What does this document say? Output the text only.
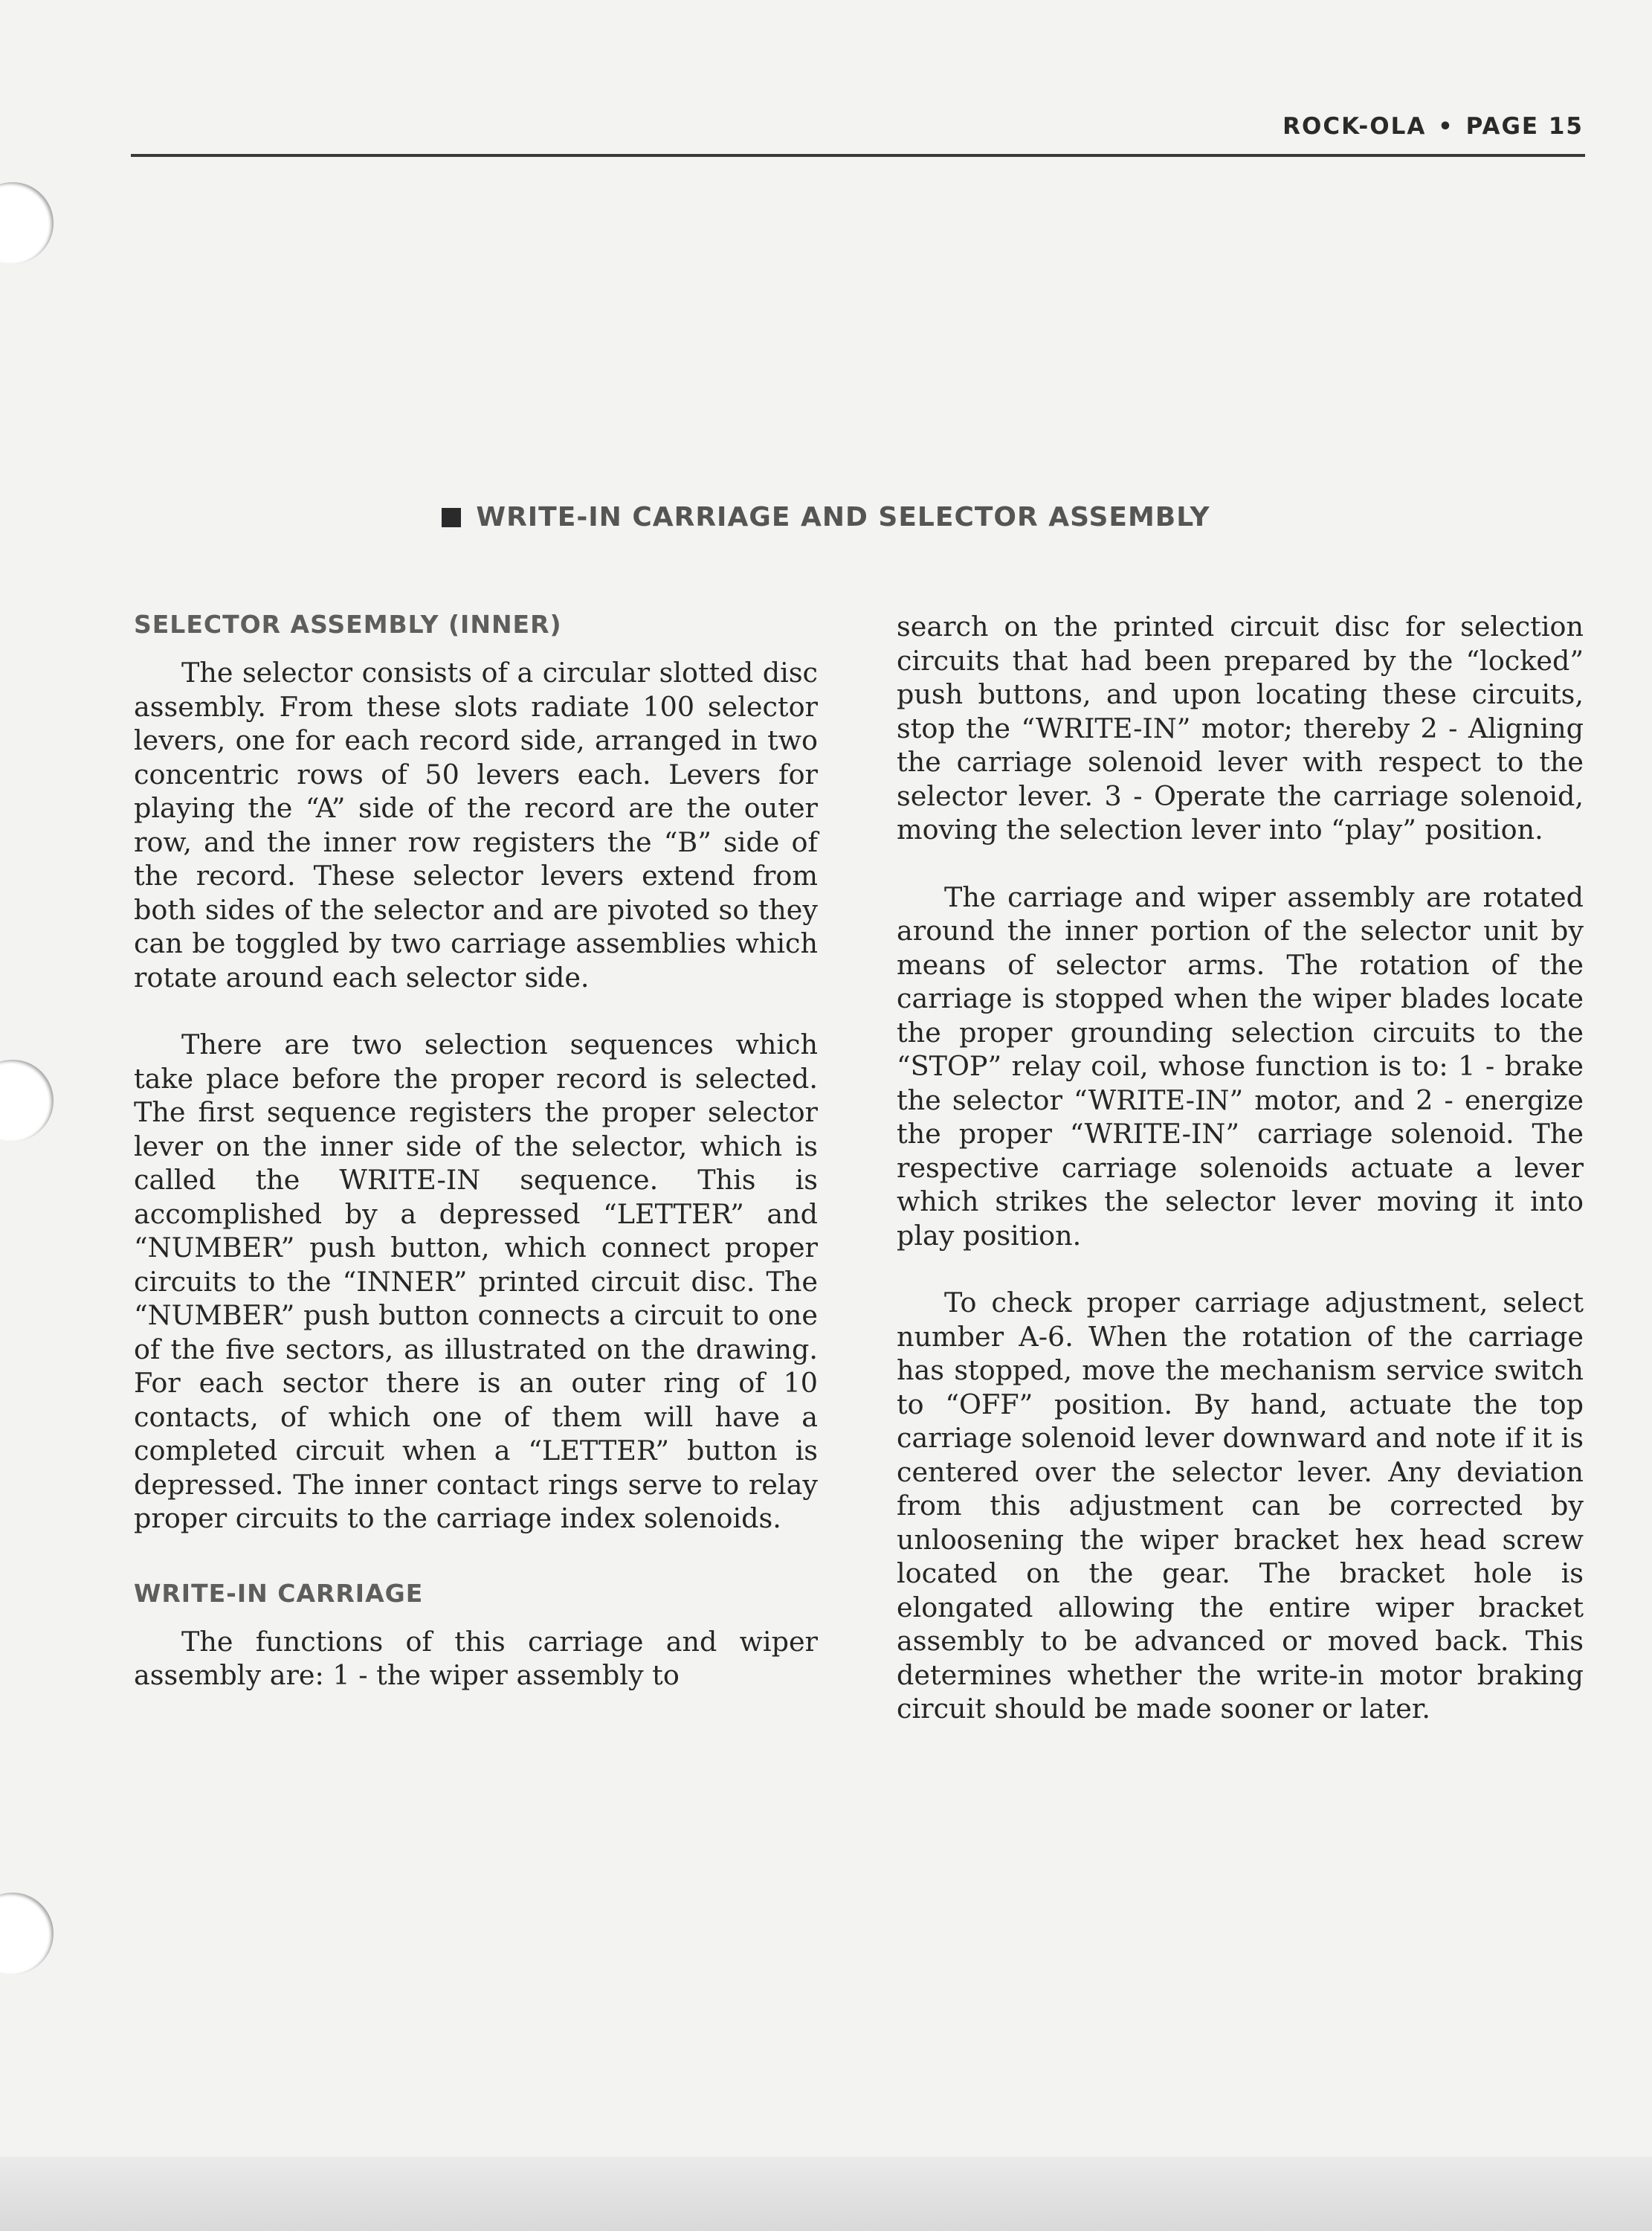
ROCK-OLA • PAGE 15
WRITE-IN CARRIAGE AND SELECTOR ASSEMBLY
SELECTOR ASSEMBLY (INNER)

The selector consists of a circular slotted disc assembly. From these slots radiate 100 selector levers, one for each record side, arranged in two concentric rows of 50 levers each. Levers for playing the “A” side of the record are the outer row, and the inner row registers the “B” side of the record. These selector levers extend from both sides of the selector and are pivoted so they can be toggled by two carriage assemblies which rotate around each selector side.

There are two selection sequences which take place before the proper record is selected. The first sequence registers the proper selector lever on the inner side of the selector, which is called the WRITE-IN sequence. This is accomplished by a depressed “LETTER” and “NUMBER” push button, which connect proper circuits to the “INNER” printed circuit disc. The “NUMBER” push button connects a circuit to one of the five sectors, as illustrated on the drawing. For each sector there is an outer ring of 10 contacts, of which one of them will have a completed circuit when a “LETTER” button is depressed. The inner contact rings serve to relay proper circuits to the carriage index solenoids.

WRITE-IN CARRIAGE

The functions of this carriage and wiper assembly are: 1 - the wiper assembly to

search on the printed circuit disc for selection circuits that had been prepared by the “locked” push buttons, and upon locating these circuits, stop the “WRITE-IN” motor; thereby 2 - Aligning the carriage solenoid lever with respect to the selector lever. 3 - Operate the carriage solenoid, moving the selection lever into “play” position.

The carriage and wiper assembly are rotated around the inner portion of the selector unit by means of selector arms. The rotation of the carriage is stopped when the wiper blades locate the proper grounding selection circuits to the “STOP” relay coil, whose function is to: 1 - brake the selector “WRITE-IN” motor, and 2 - energize the proper “WRITE-IN” carriage solenoid. The respective carriage solenoids actuate a lever which strikes the selector lever moving it into play position.

To check proper carriage adjustment, select number A-6. When the rotation of the carriage has stopped, move the mechanism service switch to “OFF” position. By hand, actuate the top carriage solenoid lever downward and note if it is centered over the selector lever. Any deviation from this adjustment can be corrected by unloosening the wiper bracket hex head screw located on the gear. The bracket hole is elongated allowing the entire wiper bracket assembly to be advanced or moved back. This determines whether the write-in motor braking circuit should be made sooner or later.
